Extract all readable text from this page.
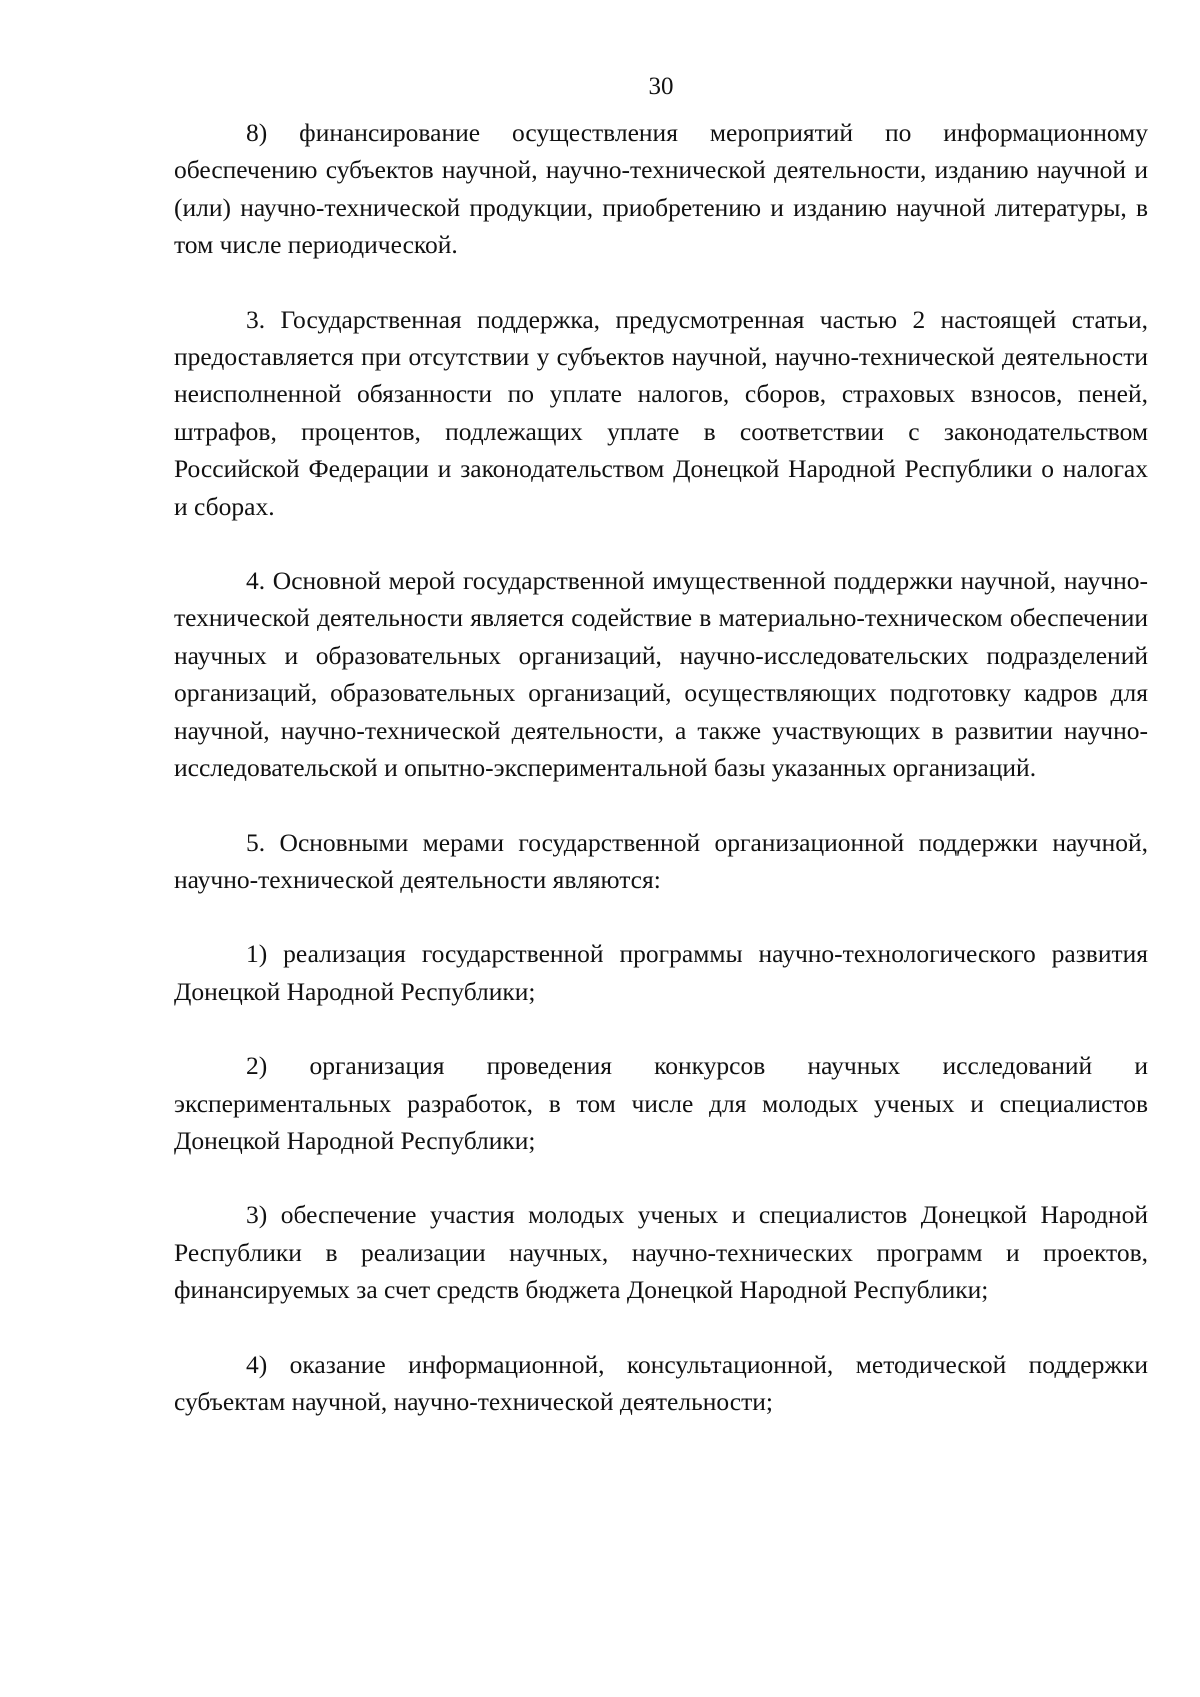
30

8) финансирование осуществления мероприятий по информационному обеспечению субъектов научной, научно-технической деятельности, изданию научной и (или) научно-технической продукции, приобретению и изданию научной литературы, в том числе периодической.

3. Государственная поддержка, предусмотренная частью 2 настоящей статьи, предоставляется при отсутствии у субъектов научной, научно-технической деятельности неисполненной обязанности по уплате налогов, сборов, страховых взносов, пеней, штрафов, процентов, подлежащих уплате в соответствии с законодательством Российской Федерации и законодательством Донецкой Народной Республики о налогах и сборах.

4. Основной мерой государственной имущественной поддержки научной, научно-технической деятельности является содействие в материально-техническом обеспечении научных и образовательных организаций, научно-исследовательских подразделений организаций, образовательных организаций, осуществляющих подготовку кадров для научной, научно-технической деятельности, а также участвующих в развитии научно-исследовательской и опытно-экспериментальной базы указанных организаций.

5. Основными мерами государственной организационной поддержки научной, научно-технической деятельности являются:

1) реализация государственной программы научно-технологического развития Донецкой Народной Республики;

2) организация проведения конкурсов научных исследований и экспериментальных разработок, в том числе для молодых ученых и специалистов Донецкой Народной Республики;

3) обеспечение участия молодых ученых и специалистов Донецкой Народной Республики в реализации научных, научно-технических программ и проектов, финансируемых за счет средств бюджета Донецкой Народной Республики;

4) оказание информационной, консультационной, методической поддержки субъектам научной, научно-технической деятельности;
